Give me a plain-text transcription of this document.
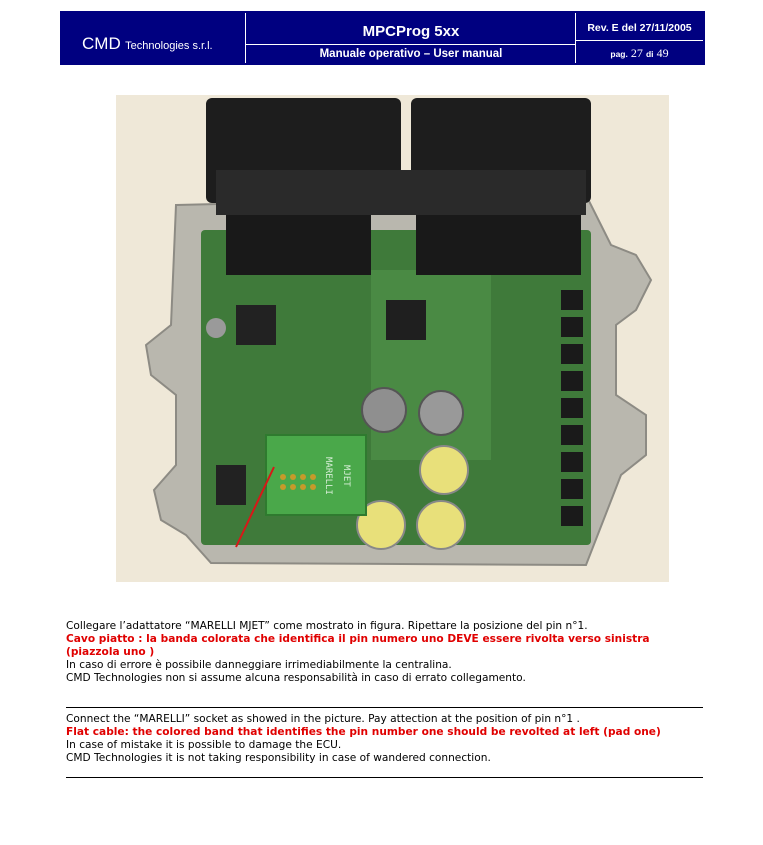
CMD Technologies s.r.l.
MPCProg 5xx
Manuale operativo – User manual
Rev. E del 27/11/2005
pag. 27 di 49
MARELLI MJET

Collegare l’adattatore “MARELLI MJET” come mostrato in figura. Ripettare la posizione del pin n°1.

Cavo piatto : la banda colorata che identifica il pin numero uno DEVE essere rivolta verso sinistra

(piazzola uno )

In caso di errore è possibile danneggiare irrimediabilmente la centralina.

CMD Technologies non si assume alcuna responsabilità in caso di errato collegamento.

Connect the “MARELLI” socket as showed in the picture. Pay attection at the position of pin n°1 .

Flat cable: the colored band that identifies the pin number one should be revolted at left (pad one)

In case of mistake it is possible to damage the ECU.

CMD Technologies it is not taking responsibility in case of wandered connection.
